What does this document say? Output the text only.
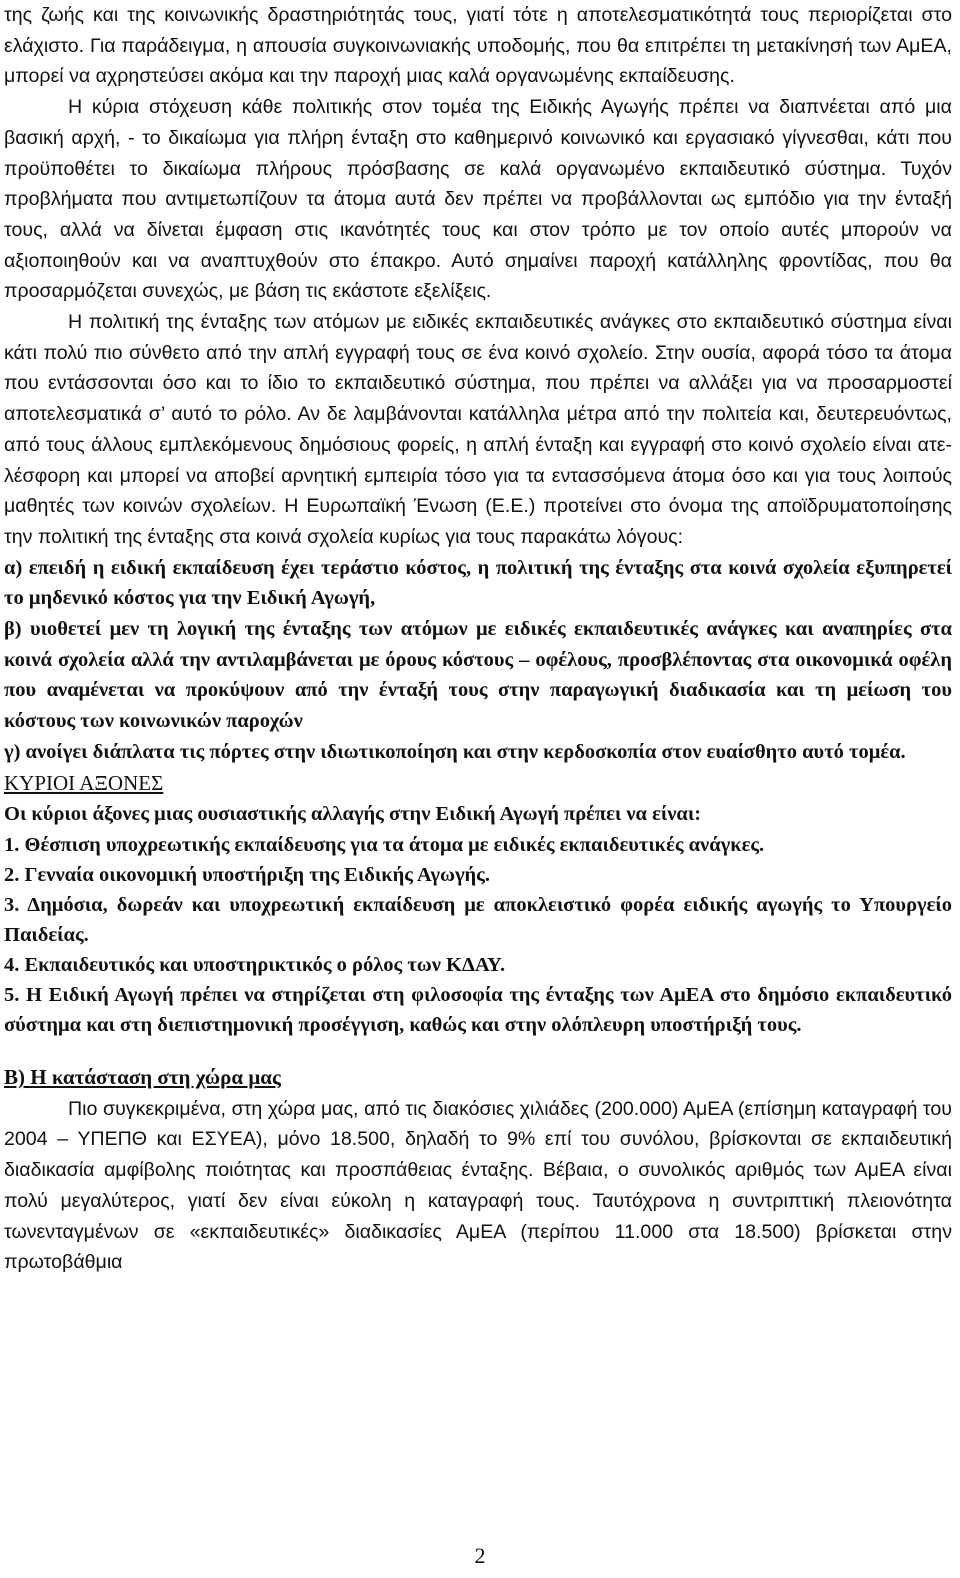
της ζωής και της κοινωνικής δραστηριότητάς τους, γιατί τότε η αποτελεσματικότητά τους περιορίζεται στο ελάχιστο. Για παράδειγμα, η απουσία συγκοινωνιακής υποδομής, που θα επιτρέπει τη μετακίνησή των ΑμΕΑ, μπορεί να αχρηστεύσει ακόμα και την παροχή μιας καλά οργανωμένης εκπαίδευσης.

Η κύρια στόχευση κάθε πολιτικής στον τομέα της Ειδικής Αγωγής πρέπει να διαπνέεται από μια βασική αρχή, - το δικαίωμα για πλήρη ένταξη στο καθημερινό κοινωνικό και εργασιακό γίγνεσθαι, κάτι που προϋποθέτει το δικαίωμα πλήρους πρόσβασης σε καλά οργανωμένο εκπαιδευτικό σύστημα. Τυχόν προβλήματα που αντιμετωπίζουν τα άτομα αυτά δεν πρέπει να προβάλλονται ως εμπόδιο για την ένταξή τους, αλλά να δίνεται έμφαση στις ικανότητές τους και στον τρόπο με τον οποίο αυτές μπορούν να αξιοποιηθούν και να αναπτυχθούν στο έπακρο. Αυτό σημαίνει παροχή κατάλληλης φροντίδας, που θα προσαρμόζεται συνεχώς, με βάση τις εκάστοτε εξελίξεις.

Η πολιτική της ένταξης των ατόμων με ειδικές εκπαιδευτικές ανάγκες στο εκπαιδευτικό σύστημα είναι κάτι πολύ πιο σύνθετο από την απλή εγγραφή τους σε ένα κοινό σχολείο. Στην ουσία, αφορά τόσο τα άτομα που εντάσσονται όσο και το ίδιο το εκπαιδευτικό σύστημα, που πρέπει να αλλάξει για να προσαρμοστεί αποτελεσματικά σ’ αυτό το ρόλο. Αν δε λαμβάνονται κατάλληλα μέτρα από την πολιτεία και, δευτερευόντως, από τους άλλους εμπλεκόμενους δημόσιους φορείς, η απλή ένταξη και εγγραφή στο κοινό σχολείο είναι ατελέσφορη και μπορεί να αποβεί αρνητική εμπειρία τόσο για τα εντασσόμενα άτομα όσο και για τους λοιπούς μαθητές των κοινών σχολείων. Η Ευρωπαϊκή Ένωση (Ε.Ε.) προτείνει στο όνομα της αποϊδρυματοποίησης την πολιτική της ένταξης στα κοινά σχολεία κυρίως για τους παρακάτω λόγους:

α) επειδή η ειδική εκπαίδευση έχει τεράστιο κόστος, η πολιτική της ένταξης στα κοινά σχολεία εξυπηρετεί το μηδενικό κόστος για την Ειδική Αγωγή,

β) υιοθετεί μεν τη λογική της ένταξης των ατόμων με ειδικές εκπαιδευτικές ανάγκες και αναπηρίες στα κοινά σχολεία αλλά την αντιλαμβάνεται με όρους κόστους – οφέλους, προσβλέποντας στα οικονομικά οφέλη που αναμένεται να προκύψουν από την ένταξή τους στην παραγωγική διαδικασία και τη μείωση του κόστους των κοινωνικών παροχών

γ) ανοίγει διάπλατα τις πόρτες στην ιδιωτικοποίηση και στην κερδοσκοπία στον ευαίσθητο αυτό τομέα.

ΚΥΡΙΟΙ ΑΞΟΝΕΣ

Οι κύριοι άξονες μιας ουσιαστικής αλλαγής στην Ειδική Αγωγή πρέπει να είναι:

1. Θέσπιση υποχρεωτικής εκπαίδευσης για τα άτομα με ειδικές εκπαιδευτικές ανάγκες.
2. Γενναία οικονομική υποστήριξη της Ειδικής Αγωγής.
3. Δημόσια, δωρεάν και υποχρεωτική εκπαίδευση με αποκλειστικό φορέα ειδικής αγωγής το Υπουργείο Παιδείας.
4. Εκπαιδευτικός και υποστηρικτικός ο ρόλος των ΚΔΑΥ.
5. Η Ειδική Αγωγή πρέπει να στηρίζεται στη φιλοσοφία της ένταξης των ΑμΕΑ στο δημόσιο εκπαιδευτικό σύστημα και στη διεπιστημονική προσέγγιση, καθώς και στην ολόπλευρη υποστήριξή τους.

Β) Η κατάσταση στη χώρα μας

Πιο συγκεκριμένα, στη χώρα μας, από τις διακόσιες χιλιάδες (200.000) ΑμΕΑ (επίσημη καταγραφή του 2004 – ΥΠΕΠΘ και ΕΣΥΕΑ), μόνο 18.500, δηλαδή το 9% επί του συνόλου, βρίσκονται σε εκπαιδευτική διαδικασία αμφίβολης ποιότητας και προσπάθειας ένταξης. Βέβαια, ο συνολικός αριθμός των ΑμΕΑ είναι πολύ μεγαλύτερος, γιατί δεν είναι εύκολη η καταγραφή τους. Ταυτόχρονα η συντριπτική πλειονότητα τωνενταγμένων σε «εκπαιδευτικές» διαδικασίες ΑμΕΑ (περίπου 11.000 στα 18.500) βρίσκεται στην πρωτοβάθμια

2
